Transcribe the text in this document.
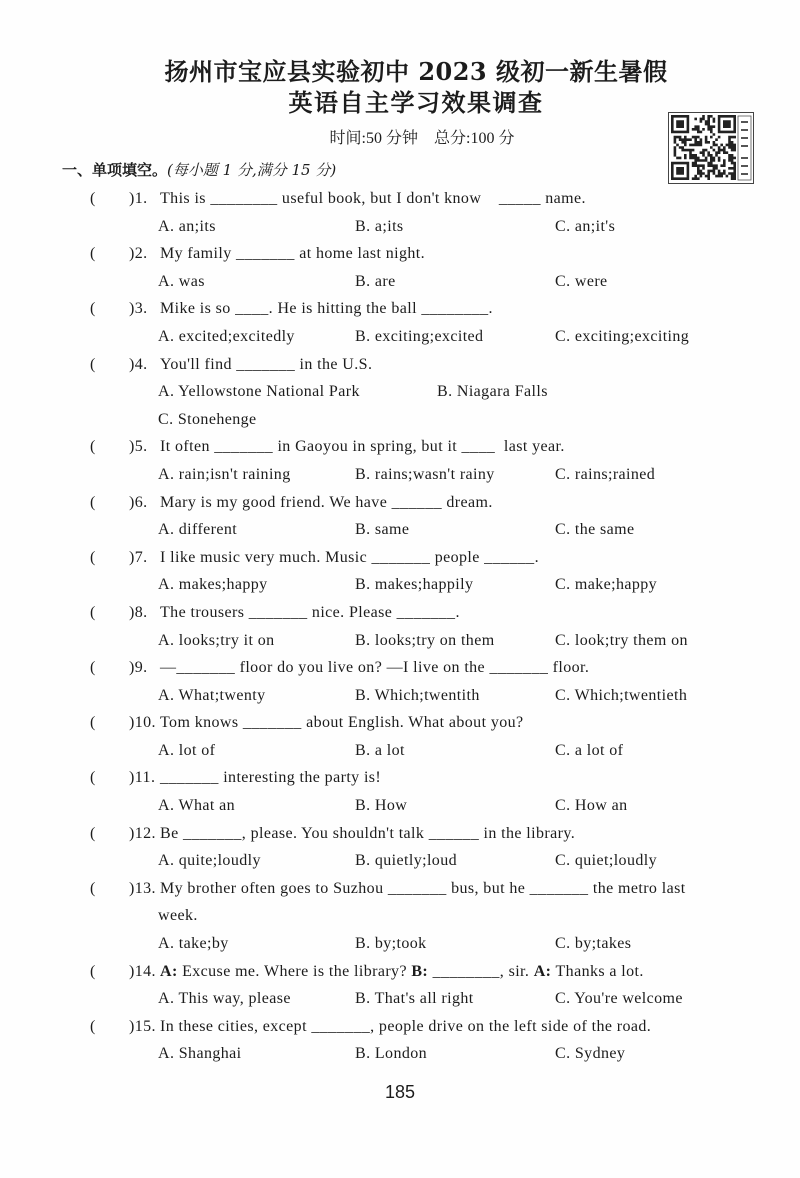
扬州市宝应县实验初中 2023 级初一新生暑假
英语自主学习效果调查
时间:50 分钟　总分:100 分
一、单项填空。(每小题 1 分,满分 15 分)

(

)1.

This is ________ useful book, but I don't know    _____ name.

A. an;its

	B. a;its

	C. an;it's

(

)2.

My family _______ at home last night.

A. was

	B. are

	C. were

(

)3.

Mike is so ____. He is hitting the ball ________.

A. excited;excitedly

	B. exciting;excited

	C. exciting;exciting

(

)4.

You'll find _______ in the U.S.

A. Yellowstone National Park

	B. Niagara Falls

C. Stonehenge

(

)5.

It often _______ in Gaoyou in spring, but it ____  last year.

A. rain;isn't raining

	B. rains;wasn't rainy

	C. rains;rained

(

)6.

Mary is my good friend. We have ______ dream.

A. different

	B. same

	C. the same

(

)7.

I like music very much. Music _______ people ______.

A. makes;happy

	B. makes;happily

	C. make;happy

(

)8.

The trousers _______ nice. Please _______.

A. looks;try it on

	B. looks;try on them

	C. look;try them on

(

)9.

—_______ floor do you live on? —I live on the _______ floor.

A. What;twenty

	B. Which;twentith

	C. Which;twentieth

(

)10.

Tom knows _______ about English. What about you?

A. lot of

	B. a lot

	C. a lot of

(

)11.

_______ interesting the party is!

A. What an

	B. How

	C. How an

(

)12.

Be _______, please. You shouldn't talk ______ in the library.

A. quite;loudly

	B. quietly;loud

	C. quiet;loudly

(

)13.

My brother often goes to Suzhou _______ bus, but he _______ the metro last

week.

A. take;by

	B. by;took

	C. by;takes

(

)14.

A: Excuse me. Where is the library? B: ________, sir. A: Thanks a lot.

A. This way, please

	B. That's all right

	C. You're welcome

(

)15.

In these cities, except _______, people drive on the left side of the road.

A. Shanghai

	B. London

	C. Sydney

185
